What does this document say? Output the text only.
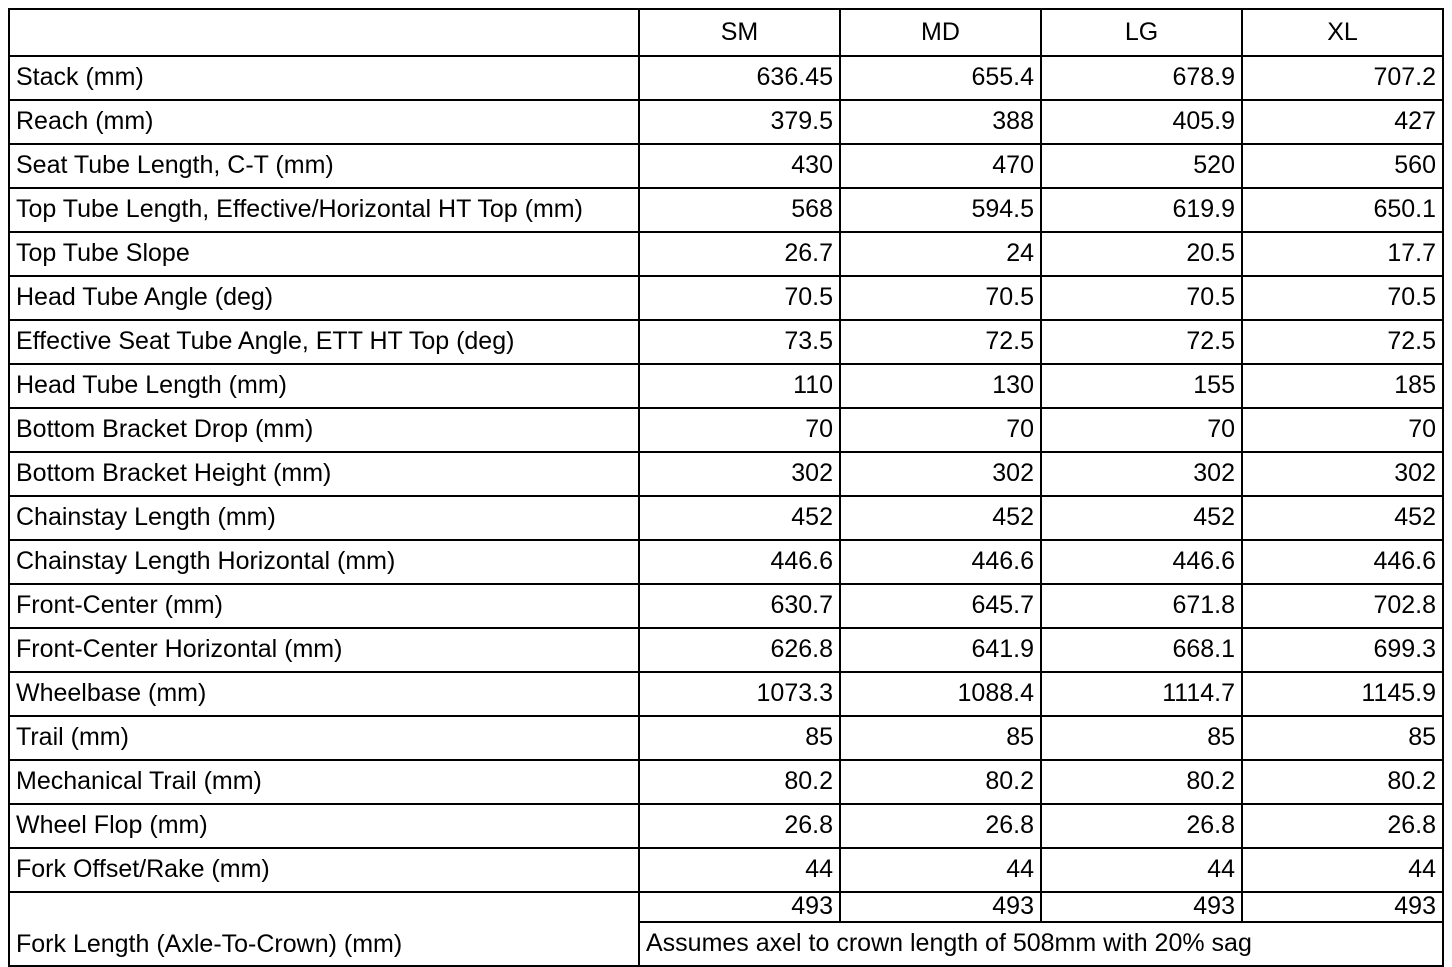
	SM	MD	LG	XL
Stack (mm)	636.45	655.4	678.9	707.2
Reach (mm)	379.5	388	405.9	427
Seat Tube Length, C-T (mm)	430	470	520	560
Top Tube Length, Effective/Horizontal HT Top (mm)	568	594.5	619.9	650.1
Top Tube Slope	26.7	24	20.5	17.7
Head Tube Angle (deg)	70.5	70.5	70.5	70.5
Effective Seat Tube Angle, ETT HT Top (deg)	73.5	72.5	72.5	72.5
Head Tube Length (mm)	110	130	155	185
Bottom Bracket Drop (mm)	70	70	70	70
Bottom Bracket Height (mm)	302	302	302	302
Chainstay Length (mm)	452	452	452	452
Chainstay Length Horizontal (mm)	446.6	446.6	446.6	446.6
Front-Center (mm)	630.7	645.7	671.8	702.8
Front-Center Horizontal (mm)	626.8	641.9	668.1	699.3
Wheelbase (mm)	1073.3	1088.4	1114.7	1145.9
Trail (mm)	85	85	85	85
Mechanical Trail (mm)	80.2	80.2	80.2	80.2
Wheel Flop (mm)	26.8	26.8	26.8	26.8
Fork Offset/Rake (mm)	44	44	44	44
Fork Length (Axle-To-Crown) (mm)	493	493	493	493
	Assumes axel to crown length of 508mm with 20% sag			
